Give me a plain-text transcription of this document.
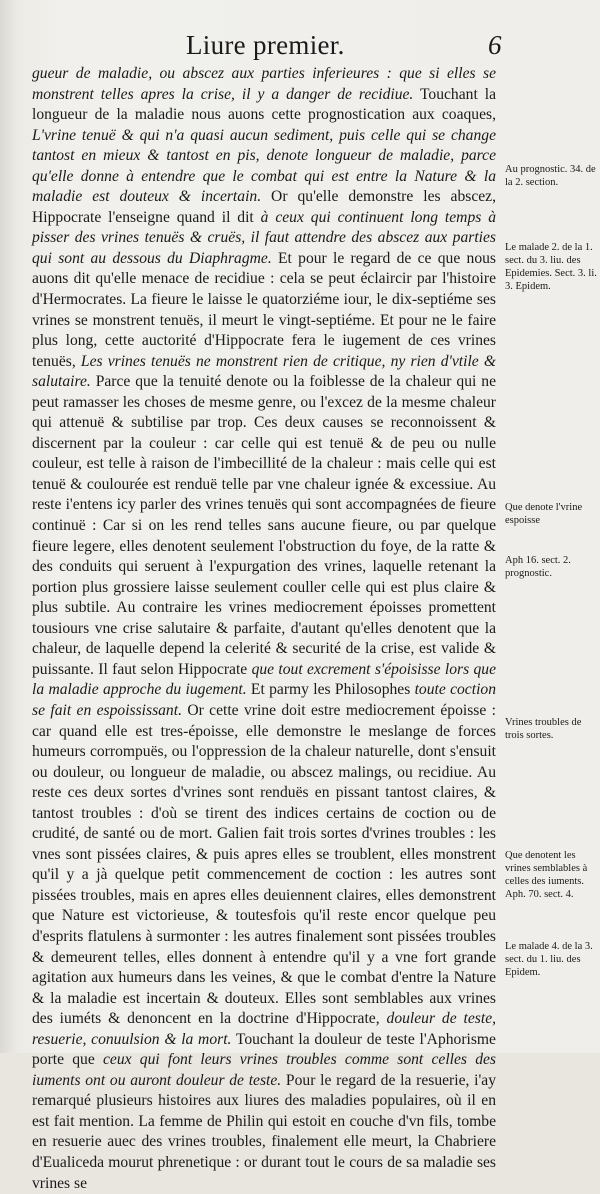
Liure premier.	6

gueur de maladie, ou abscez aux parties inferieures : que si elles se monstrent telles apres la crise, il y a danger de recidiue. Touchant la longueur de la maladie nous auons cette prognostication aux coaques, L'vrine tenuë & qui n'a quasi aucun sediment, puis celle qui se change tantost en mieux & tantost en pis, denote longueur de maladie, parce qu'elle donne à entendre que le combat qui est entre la Nature & la maladie est douteux & incertain. Or qu'elle demonstre les abscez, Hippocrate l'enseigne quand il dit à ceux qui continuent long temps à pisser des vrines tenuës & cruës, il faut attendre des abscez aux parties qui sont au dessous du Diaphragme. Et pour le regard de ce que nous auons dit qu'elle menace de recidiue : cela se peut éclaircir par l'histoire d'Hermocrates. La fieure le laisse le quatorziéme iour, le dix-septiéme ses vrines se monstrent tenuës, il meurt le vingt-septiéme. Et pour ne le faire plus long, cette auctorité d'Hippocrate fera le iugement de ces vrines tenuës, Les vrines tenuës ne monstrent rien de critique, ny rien d'vtile & salutaire. Parce que la tenuité denote ou la foiblesse de la chaleur qui ne peut ramasser les choses de mesme genre, ou l'excez de la mesme chaleur qui attenuë & subtilise par trop. Ces deux causes se reconnoissent & discernent par la couleur : car celle qui est tenuë & de peu ou nulle couleur, est telle à raison de l'imbecillité de la chaleur : mais celle qui est tenuë & coulourée est renduë telle par vne chaleur ignée & excessiue. Au reste i'entens icy parler des vrines tenuës qui sont accompagnées de fieure continuë : Car si on les rend telles sans aucune fieure, ou par quelque fieure legere, elles denotent seulement l'obstruction du foye, de la ratte & des conduits qui seruent à l'expurgation des vrines, laquelle retenant la portion plus grossiere laisse seulement couller celle qui est plus claire & plus subtile. Au contraire les vrines mediocrement époisses promettent tousiours vne crise salutaire & parfaite, d'autant qu'elles denotent que la chaleur, de laquelle depend la celerité & securité de la crise, est valide & puissante. Il faut selon Hippocrate que tout excrement s'époisisse lors que la maladie approche du iugement. Et parmy les Philosophes toute coction se fait en espoississant. Or cette vrine doit estre mediocrement époisse : car quand elle est tres-époisse, elle demonstre le meslange de forces humeurs corrompuës, ou l'oppression de la chaleur naturelle, dont s'ensuit ou douleur, ou longueur de maladie, ou abscez malings, ou recidiue. Au reste ces deux sortes d'vrines sont renduës en pissant tantost claires, & tantost troubles : d'où se tirent des indices certains de coction ou de crudité, de santé ou de mort. Galien fait trois sortes d'vrines troubles : les vnes sont pissées claires, & puis apres elles se troublent, elles monstrent qu'il y a jà quelque petit commencement de coction : les autres sont pissées troubles, mais en apres elles deuiennent claires, elles demonstrent que Nature est victorieuse, & toutesfois qu'il reste encor quelque peu d'esprits flatulens à surmonter : les autres finalement sont pissées troubles & demeurent telles, elles donnent à entendre qu'il y a vne fort grande agitation aux humeurs dans les veines, & que le combat d'entre la Nature & la maladie est incertain & douteux. Elles sont semblables aux vrines des iuméts & denoncent en la doctrine d'Hippocrate, douleur de teste, resuerie, conuulsion & la mort. Touchant la douleur de teste l'Aphorisme porte que ceux qui font leurs vrines troubles comme sont celles des iuments ont ou auront douleur de teste. Pour le regard de la resuerie, i'ay remarqué plusieurs histoires aux liures des maladies populaires, où il en est fait mention. La femme de Philin qui estoit en couche d'vn fils, tombe en resuerie auec des vrines troubles, finalement elle meurt, la Chabriere d'Eualiceda mourut phrenetique : or durant tout le cours de sa maladie ses vrines se

Au prognostic. 34. de la 2. section.
Le malade 2. de la 1. sect. du 3. liu. des Epidemies. Sect. 3. li. 3. Epidem.
Que denote l'vrine espoisse
Aph 16. sect. 2. prognostic.
Vrines troubles de trois sortes.
Que denotent les vrines semblables à celles des iuments. Aph. 70. sect. 4.
Le malade 4. de la 3. sect. du 1. liu. des Epidem.
